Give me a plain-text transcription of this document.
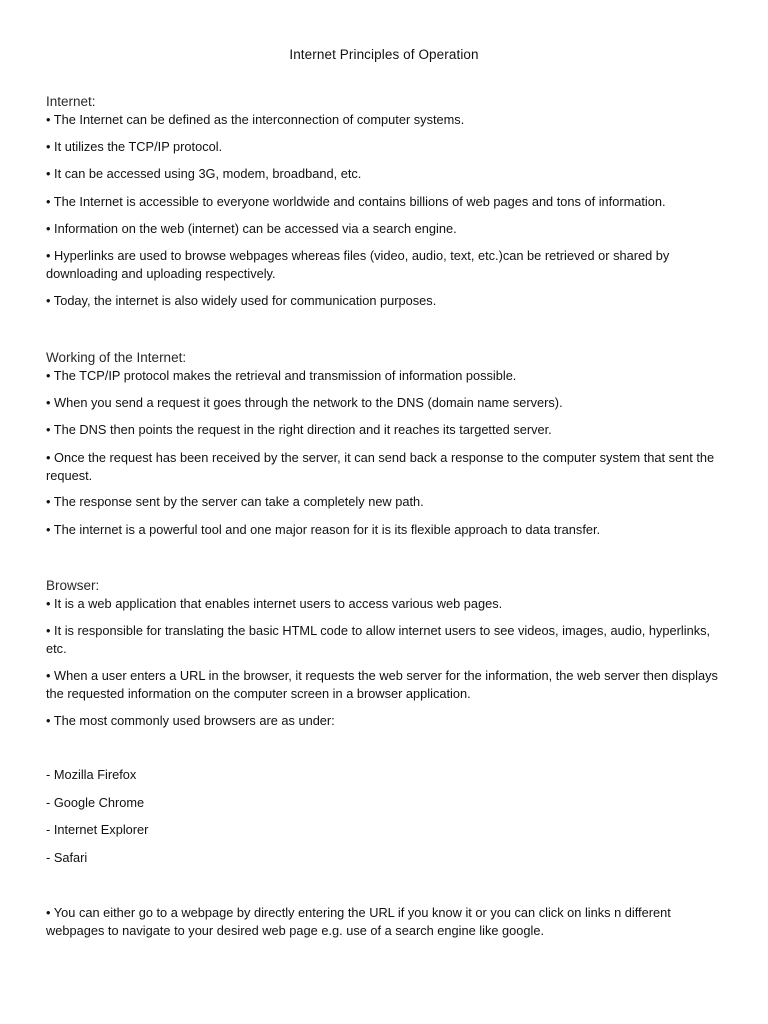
Internet Principles of Operation
Internet:

• The Internet can be defined as the interconnection of computer systems.

• It utilizes the TCP/IP protocol.

• It can be accessed using 3G, modem, broadband, etc.

• The Internet is accessible to everyone worldwide and contains billions of web pages and tons of information.

• Information on the web (internet) can be accessed via a search engine.

• Hyperlinks are used to browse webpages whereas files (video, audio, text, etc.)can be retrieved or shared by downloading and uploading respectively.

• Today, the internet is also widely used for communication purposes.

Working of the Internet:

• The TCP/IP protocol makes the retrieval and transmission of information possible.

• When you send a request it goes through the network to the DNS (domain name servers).

• The DNS then points the request in the right direction and it reaches its targetted server.

• Once the request has been received by the server, it can send back a response to the computer system that sent the request.

• The response sent by the server can take a completely new path.

• The internet is a powerful tool and one major reason for it is its flexible approach to data transfer.

Browser:

• It is a web application that enables internet users to access various web pages.

• It is responsible for translating the basic HTML code to allow internet users to see videos, images, audio, hyperlinks, etc.

• When a user enters a URL in the browser, it requests the web server for the information, the web server then displays the requested information on the computer screen in a browser application.

• The most commonly used browsers are as under:

- Mozilla Firefox

- Google Chrome

- Internet Explorer

- Safari

• You can either go to a webpage by directly entering the URL if you know it or you can click on links n different webpages to navigate to your desired web page e.g. use of a search engine like google.
